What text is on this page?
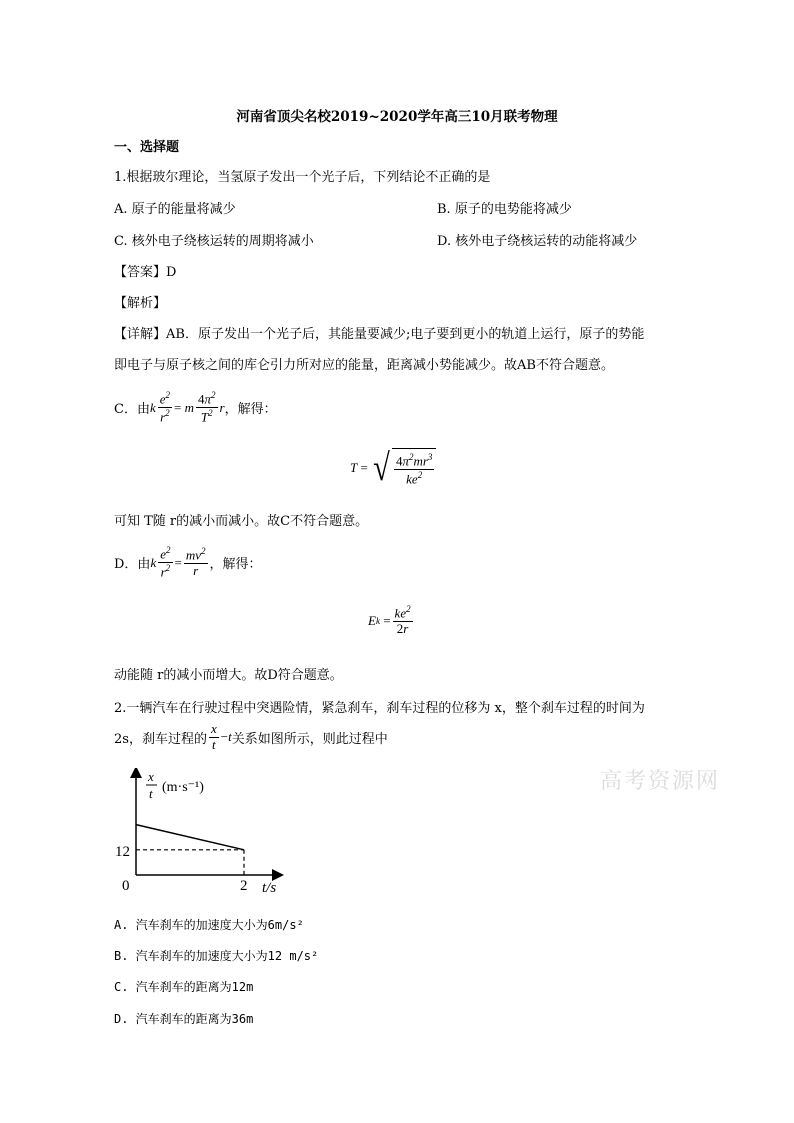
河南省顶尖名校2019~2020学年高三10月联考物理
一、选择题
1.根据玻尔理论，当氢原子发出一个光子后，下列结论不正确的是
A. 原子的能量将减少	B. 原子的电势能将减少
C. 核外电子绕核运转的周期将减小	D. 核外电子绕核运转的动能将减少
【答案】D
【解析】
【详解】AB．原子发出一个光子后，其能量要减少;电子要到更小的轨道上运行，原子的势能
即电子与原子核之间的库仑引力所对应的能量，距离减小势能减少。故AB不符合题意。
C．由 k $\frac{e^2}{r^2} = m \frac{4\pi^2}{T^2}$ r ，解得：
T =
√ $\frac{4\pi^2mr^3}{ke^2}$
可知 T随 r的减小而减小。故C不符合题意。
D．由 k $\frac{e^2}{r^2} = \frac{mv^2}{r}$ ，解得：
E k
= $\frac{ke^2}{2r}$
动能随 r的减小而增大。故D符合题意。
2.一辆汽车在行驶过程中突遇险情，紧急刹车，刹车过程的位移为 x，整个刹车过程的时间为
2s，刹车过程的 $\frac{x}{t} - t$ 关系如图所示，则此过程中
高考资源网
x
t (m·s⁻¹)
12
0	2 t/s
A. 汽车刹车的加速度大小为6m/s²
B. 汽车刹车的加速度大小为12 m/s²
C. 汽车刹车的距离为12m
D. 汽车刹车的距离为36m
